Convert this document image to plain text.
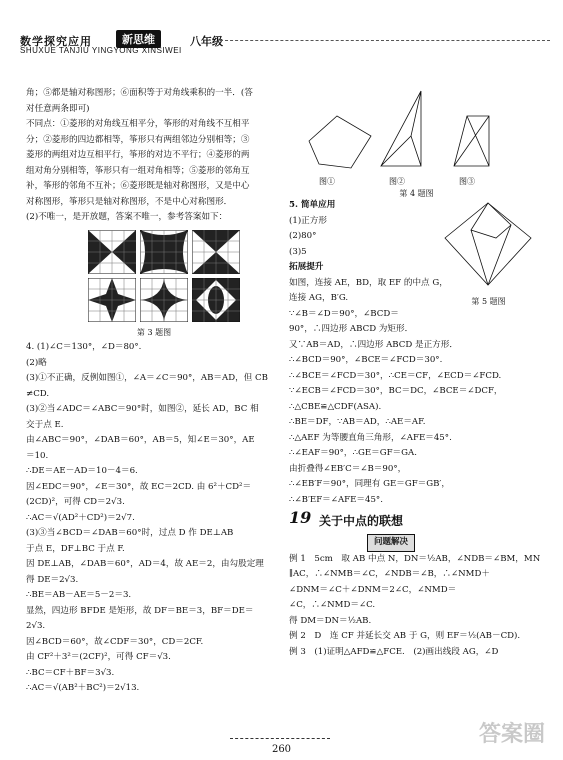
数学探究应用	新思维	八年级
SHUXUE TANJIU YINGYONG XINSIWEI

角；⑤都是轴对称图形；⑥面积等于对角线乘积的一半．(答

对任意两条即可)

不同点：①菱形的对角线互相平分，筝形的对角线不互相平

分；②菱形的四边都相等，筝形只有两组邻边分别相等；③

菱形的两组对边互相平行，筝形的对边不平行；④菱形的两

组对角分别相等，筝形只有一组对角相等；⑤菱形的邻角互

补，筝形的邻角不互补；⑥菱形既是轴对称图形，又是中心

对称图形，筝形只是轴对称图形，不是中心对称图形．

(2)不唯一，是开放题，答案不唯一，参考答案如下：

第 3 题图

4. (1)∠C＝130°，∠D＝80°.

(2)略

(3)①不正确，反例如图①，∠A＝∠C＝90°，AB＝AD，但 CB

≠CD.

(3)②当∠ADC＝∠ABC＝90°时，如图②，延长 AD，BC 相

交于点 E.

由∠ABC＝90°，∠DAB＝60°，AB＝5，知∠E＝30°，AE

＝10.

∴DE＝AE－AD＝10－4＝6.

因∠EDC＝90°，∠E＝30°，故 EC＝2CD. 由 6²＋CD²＝

(2CD)²，可得 CD＝2√3.

∴AC＝√(AD²＋CD²)＝2√7.

(3)③当∠BCD＝∠DAB＝60°时，过点 D 作 DE⊥AB

于点 E，DF⊥BC 于点 F.

因 DE⊥AB，∠DAB＝60°，AD＝4，故 AE＝2，由勾股定理

得 DE＝2√3.

∴BE＝AB－AE＝5－2＝3.

显然，四边形 BFDE 是矩形，故 DF＝BE＝3，BF＝DE＝

2√3.

因∠BCD＝60°，故∠CDF＝30°，CD＝2CF.

由 CF²＋3²＝(2CF)²，可得 CF＝√3.

∴BC＝CF＋BF＝3√3.

∴AC＝√(AB²＋BC²)＝2√13.

图①	图②	图③

第 4 题图

第 5 题图

5. 简单应用

(1)正方形

(2)80°

(3)5

拓展提升

如图，连接 AE，BD，取 EF 的中点 G，

连接 AG，B′G.

∵∠B＝∠D＝90°，∠BCD＝

90°，∴四边形 ABCD 为矩形．

又∵AB＝AD，∴四边形 ABCD 是正方形．

∴∠BCD＝90°，∠BCE＝∠FCD＝30°.

∴∠BCE＝∠FCD＝30°，∴CE＝CF，∠ECD＝∠FCD.

∵∠ECB＝∠FCD＝30°，BC＝DC，∠BCE＝∠DCF，

∴△CBE≌△CDF(ASA).

∴BE＝DF，∵AB＝AD，∴AE＝AF.

∴△AEF 为等腰直角三角形，∠AFE＝45°.

∴∠EAF＝90°，∴GE＝GF＝GA.

由折叠得∠EB′C＝∠B＝90°，

∴∠EB′F＝90°，同理有 GE＝GF＝GB′，

∴∠B′EF＝∠AFE＝45°.

19 关于中点的联想
问题解决

例 1　5cm　取 AB 中点 N，DN＝½AB，∠NDB＝∠BM，MN

∥AC，∴∠NMB＝∠C，∠NDB＝∠B，∴∠NMD＋

∠DNM＝∠C＋∠DNM＝2∠C，∠NMD＝

∠C，∴∠NMD＝∠C.

得 DM＝DN＝½AB.

例 2　D　连 CF 并延长交 AB 于 G，则 EF＝½(AB－CD).

例 3　(1)证明△AFD≌△FCE.　(2)画出线段 AG，∠D

260
答案圈
